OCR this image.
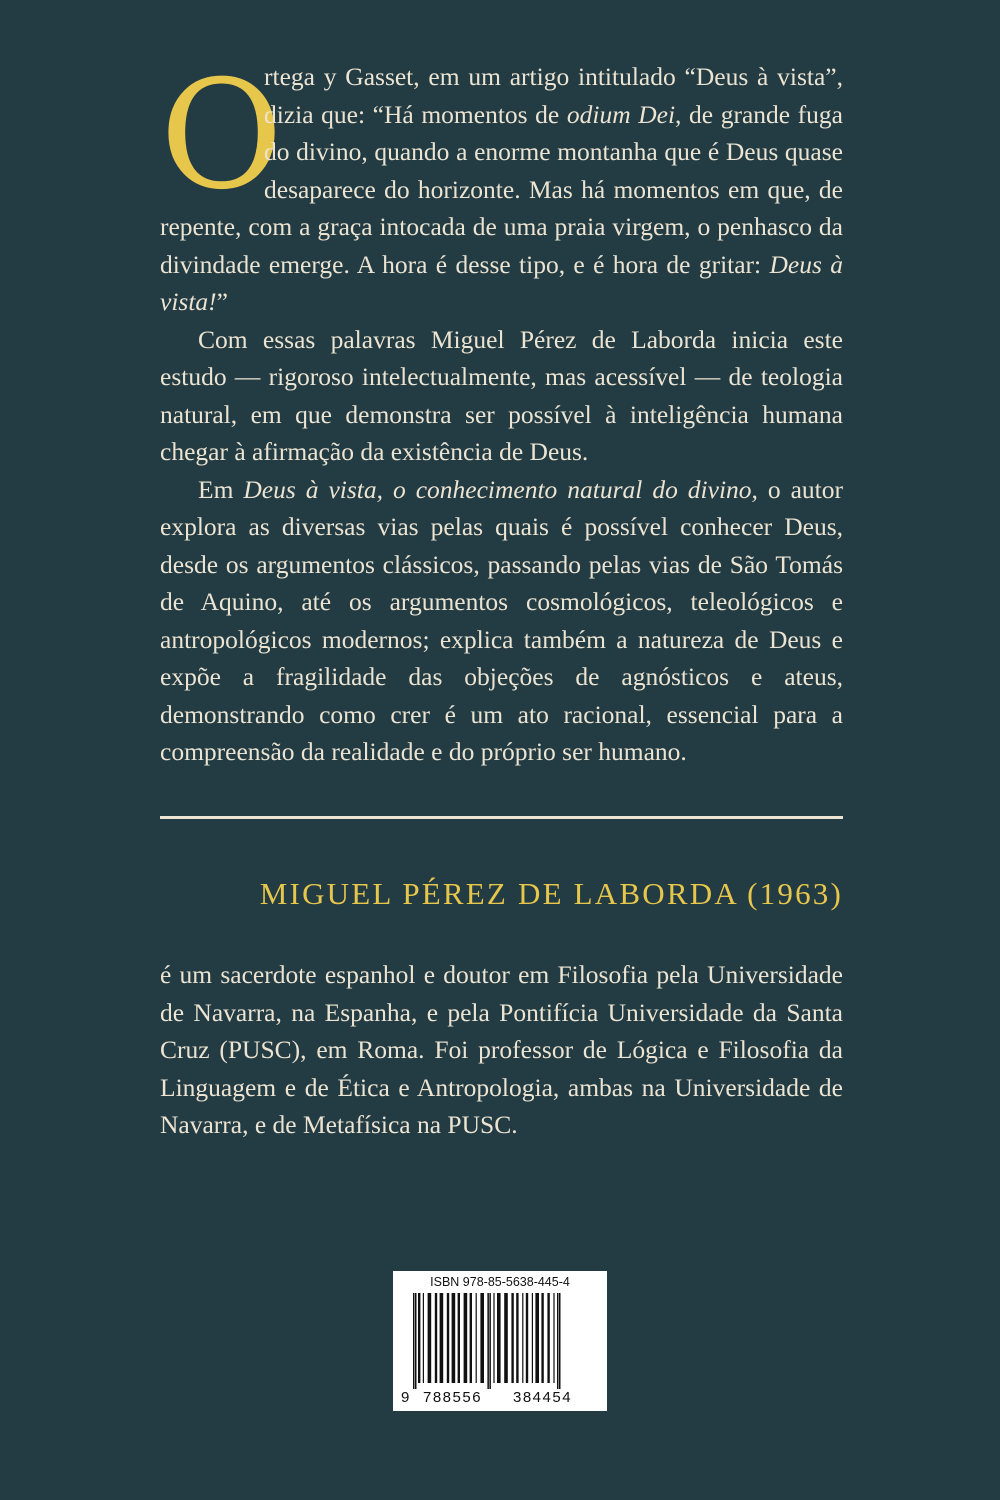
O
rtega y Gasset, em um artigo intitulado “Deus à vista”, dizia que: “Há momentos de odium Dei, de grande fuga do divino, quando a enorme montanha que é Deus quase desaparece do horizonte. Mas há momentos em que, de repente, com a graça intocada de uma praia virgem, o penhasco da divindade emerge. A hora é desse tipo, e é hora de gritar: Deus à vista!”

Com essas palavras Miguel Pérez de Laborda inicia este estudo — rigoroso intelectualmente, mas acessível — de teologia natural, em que demonstra ser possível à inteligência humana chegar à afirmação da existência de Deus.

Em Deus à vista, o conhecimento natural do divino, o autor explora as diversas vias pelas quais é possível conhecer Deus, desde os argumentos clássicos, passando pelas vias de São Tomás de Aquino, até os argumentos cosmológicos, teleológicos e antropológicos modernos; explica também a natureza de Deus e expõe a fragilidade das objeções de agnósticos e ateus, demonstrando como crer é um ato racional, essencial para a compreensão da realidade e do próprio ser humano.

MIGUEL PÉREZ DE LABORDA (1963)

é um sacerdote espanhol e doutor em Filosofia pela Universidade de Navarra, na Espanha, e pela Pontifícia Universidade da Santa Cruz (PUSC), em Roma. Foi professor de Lógica e Filosofia da Linguagem e de Ética e Antropologia, ambas na Universidade de Navarra, e de Metafísica na PUSC.

ISBN 978-85-5638-445-4
9 788556 384454
